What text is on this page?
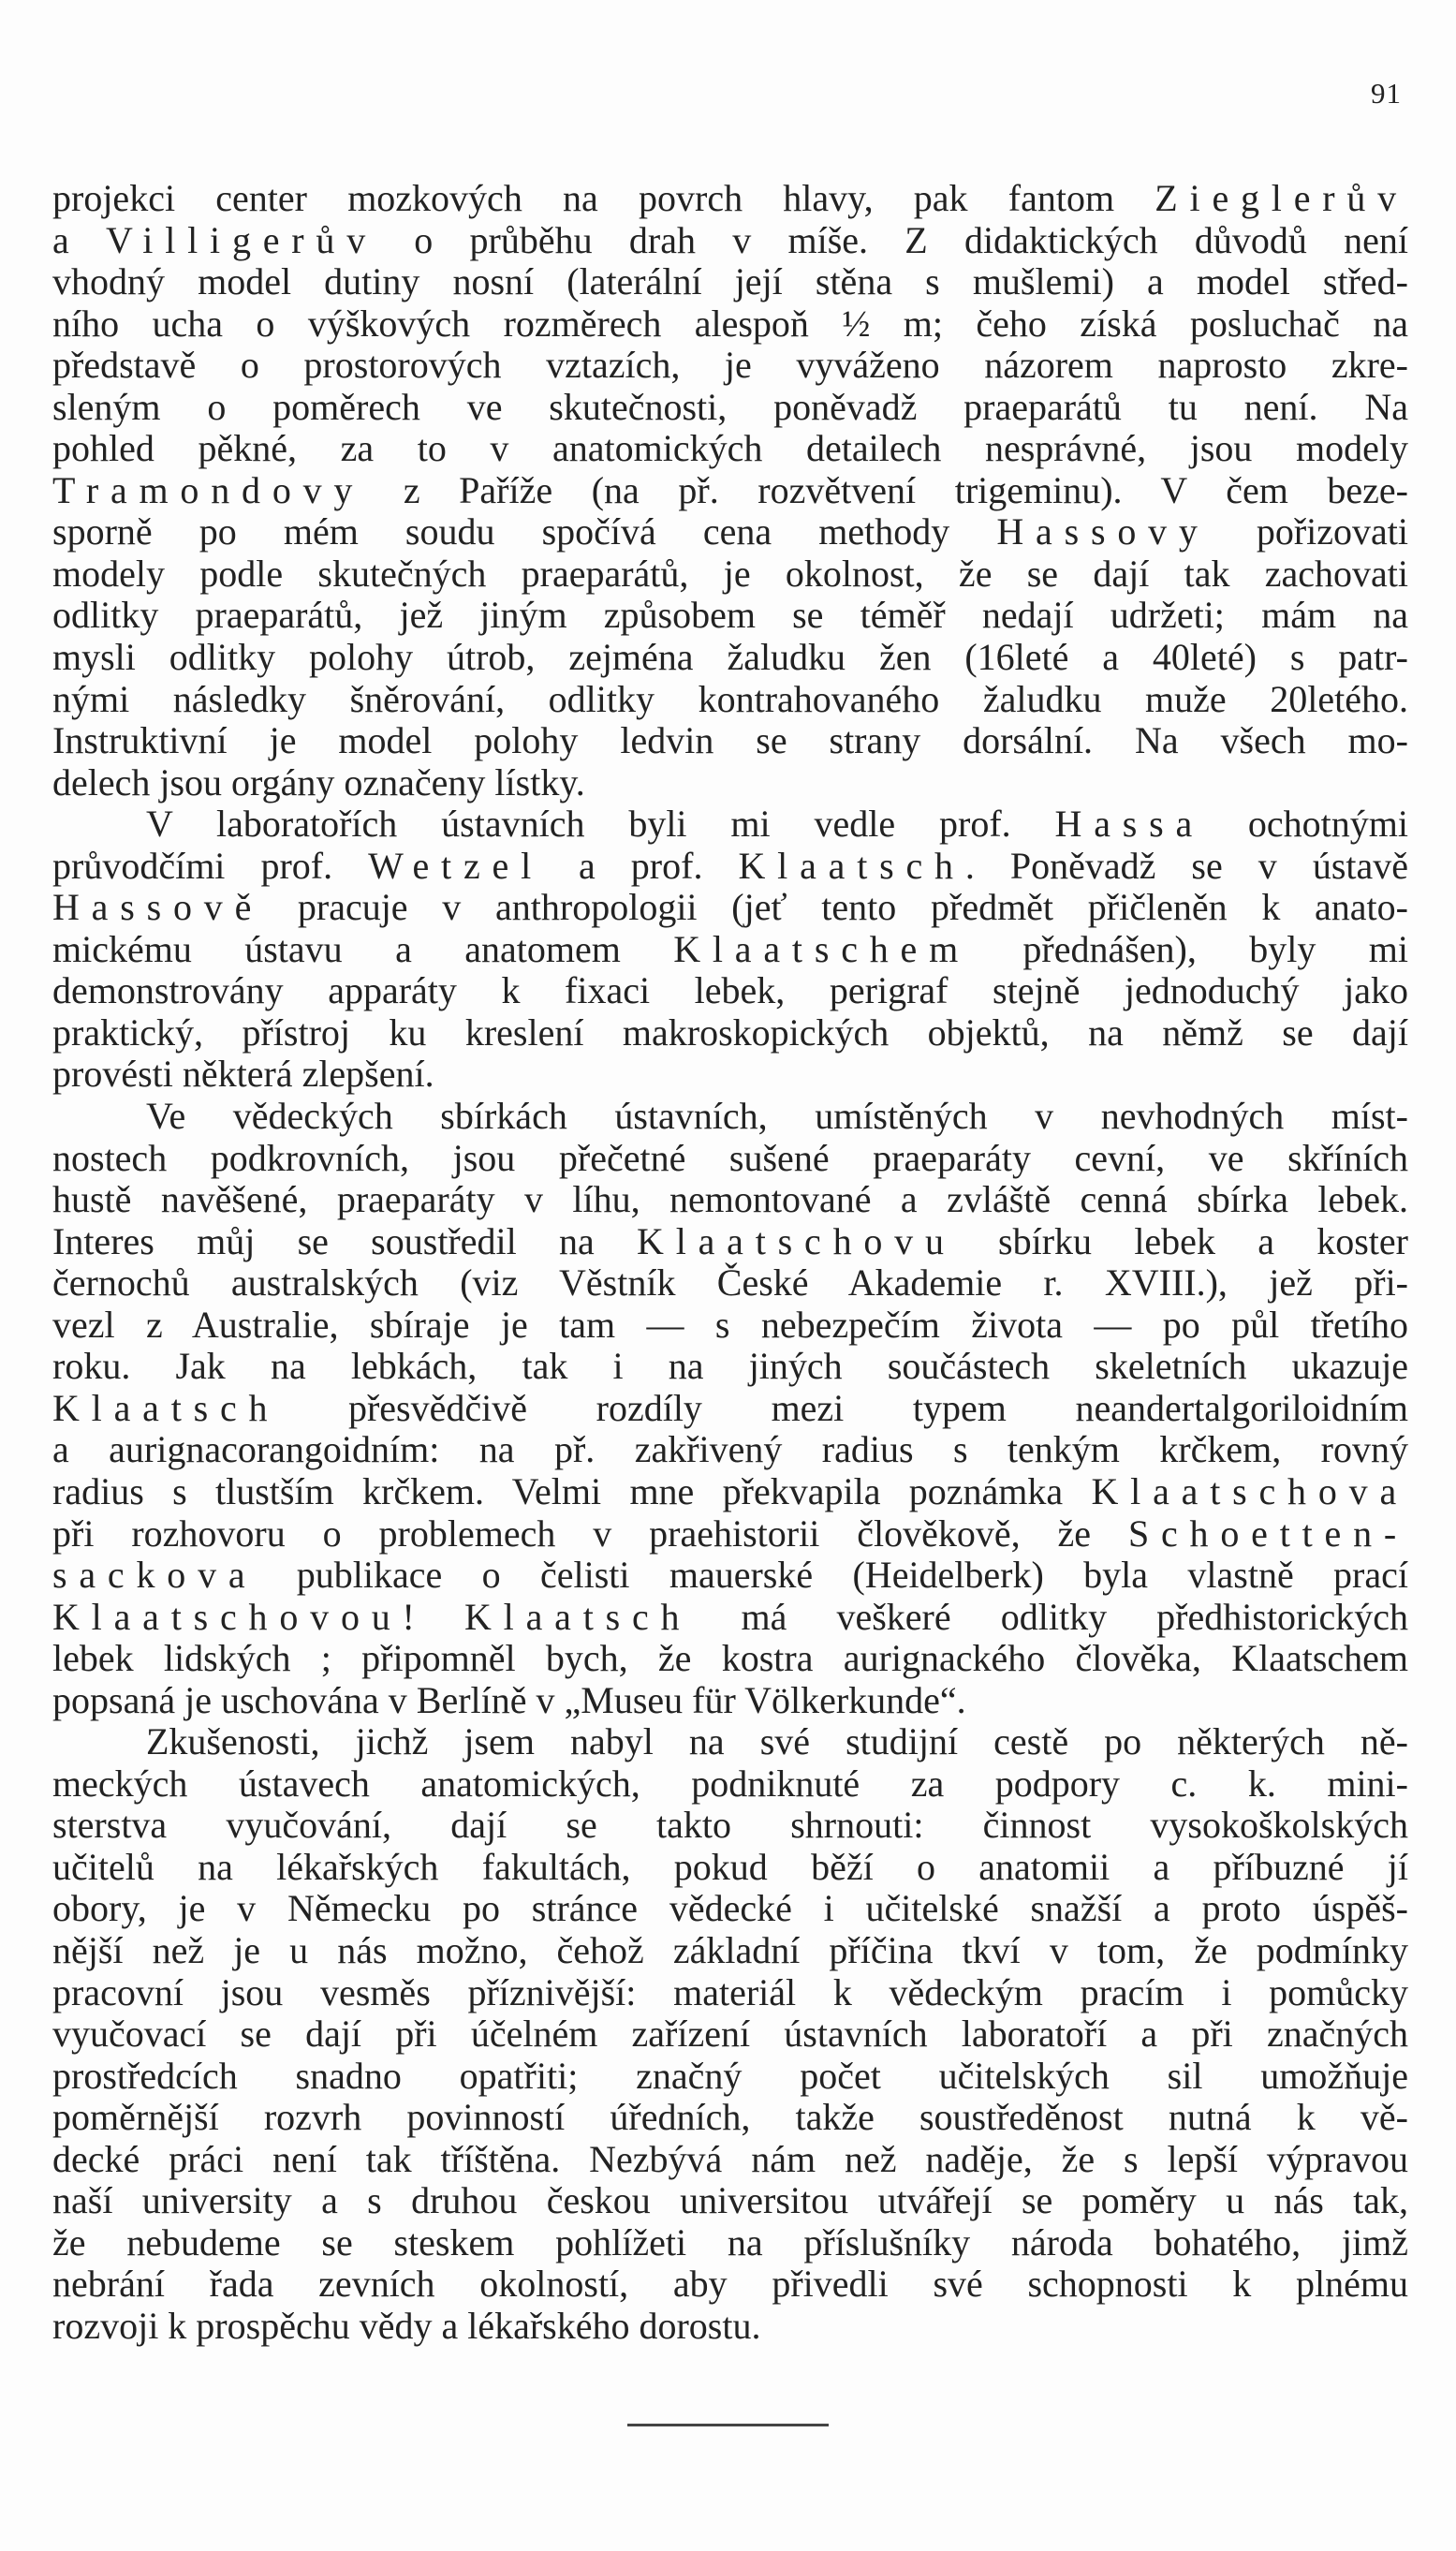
91
projekci center mozkových na povrch hlavy, pak fantom Zieglerův
a Villigerův o průběhu drah v míše. Z didaktických důvodů není
vhodný model dutiny nosní (laterální její stěna s mušlemi) a model střed-
ního ucha o výškových rozměrech alespoň ½ m; čeho získá posluchač na
představě o prostorových vztazích, je vyváženo názorem naprosto zkre-
sleným o poměrech ve skutečnosti, poněvadž praeparátů tu není. Na
pohled pěkné, za to v anatomických detailech nesprávné, jsou modely
Tramondovy z Paříže (na př. rozvětvení trigeminu). V čem beze-
sporně po mém soudu spočívá cena methody Hassovy pořizovati
modely podle skutečných praeparátů, je okolnost, že se dají tak zachovati
odlitky praeparátů, jež jiným způsobem se téměř nedají udržeti; mám na
mysli odlitky polohy útrob, zejména žaludku žen (16leté a 40leté) s patr-
nými následky šněrování, odlitky kontrahovaného žaludku muže 20letého.
Instruktivní je model polohy ledvin se strany dorsální. Na všech mo-
delech jsou orgány označeny lístky.
V laboratořích ústavních byli mi vedle prof. Hassa ochotnými
průvodčími prof. Wetzel a prof. Klaatsch. Poněvadž se v ústavě
Hassově pracuje v anthropologii (jeť tento předmět přičleněn k anato-
mickému ústavu a anatomem Klaatschem přednášen), byly mi
demonstrovány apparáty k fixaci lebek, perigraf stejně jednoduchý jako
praktický, přístroj ku kreslení makroskopických objektů, na němž se dají
provésti některá zlepšení.
Ve vědeckých sbírkách ústavních, umístěných v nevhodných míst-
nostech podkrovních, jsou přečetné sušené praeparáty cevní, ve skříních
hustě navěšené, praeparáty v líhu, nemontované a zvláště cenná sbírka lebek.
Interes můj se soustředil na Klaatschovu sbírku lebek a koster
černochů australských (viz Věstník České Akademie r. XVIII.), jež při-
vezl z Australie, sbíraje je tam — s nebezpečím života — po půl třetího
roku. Jak na lebkách, tak i na jiných součástech skeletních ukazuje
Klaatsch přesvědčivě rozdíly mezi typem neandertalgoriloidním
a aurignacorangoidním: na př. zakřivený radius s tenkým krčkem, rovný
radius s tlustším krčkem. Velmi mne překvapila poznámka Klaatschova
při rozhovoru o problemech v praehistorii člověkově, že Schoetten-
sackova publikace o čelisti mauerské (Heidelberk) byla vlastně prací
Klaatschovou! Klaatsch má veškeré odlitky předhistorických
lebek lidských ; připomněl bych, že kostra aurignackého člověka, Klaatschem
popsaná je uschována v Berlíně v „Museu für Völkerkunde“.
Zkušenosti, jichž jsem nabyl na své studijní cestě po některých ně-
meckých ústavech anatomických, podniknuté za podpory c. k. mini-
sterstva vyučování, dají se takto shrnouti: činnost vysokoškolských
učitelů na lékařských fakultách, pokud běží o anatomii a příbuzné jí
obory, je v Německu po stránce vědecké i učitelské snažší a proto úspěš-
nější než je u nás možno, čehož základní příčina tkví v tom, že podmínky
pracovní jsou vesměs příznivější: materiál k vědeckým pracím i pomůcky
vyučovací se dají při účelném zařízení ústavních laboratoří a při značných
prostředcích snadno opatřiti; značný počet učitelských sil umožňuje
poměrnější rozvrh povinností úředních, takže soustředěnost nutná k vě-
decké práci není tak tříštěna. Nezbývá nám než naděje, že s lepší výpravou
naší university a s druhou českou universitou utvářejí se poměry u nás tak,
že nebudeme se steskem pohlížeti na příslušníky národa bohatého, jimž
nebrání řada zevních okolností, aby přivedli své schopnosti k plnému
rozvoji k prospěchu vědy a lékařského dorostu.
